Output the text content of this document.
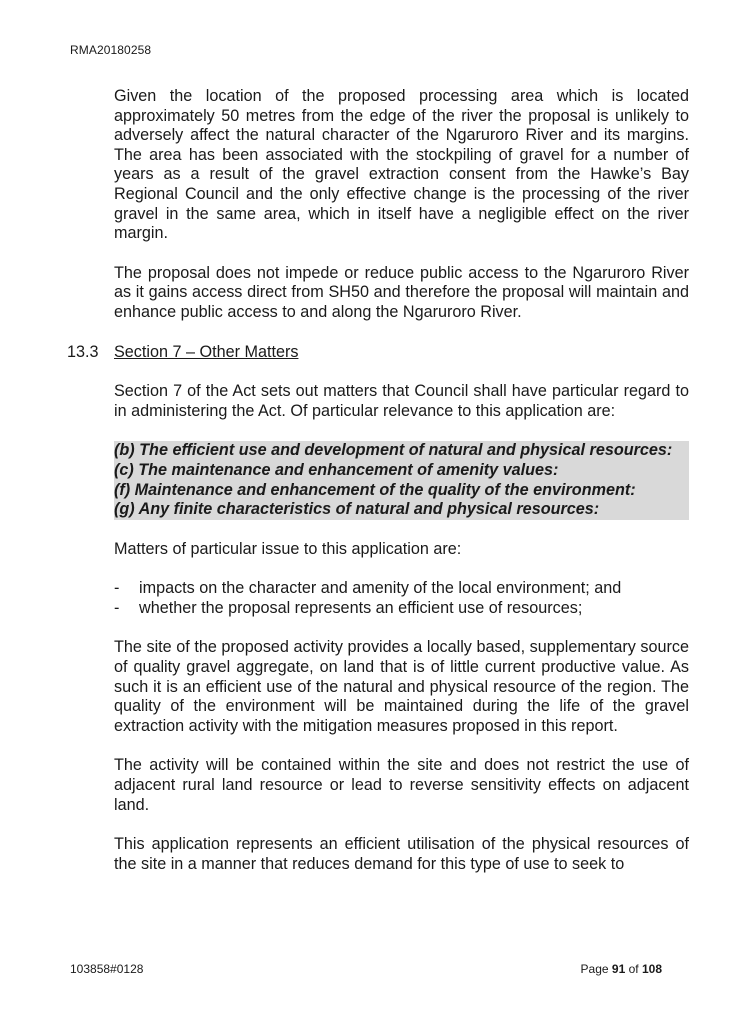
RMA20180258

Given the location of the proposed processing area which is located approximately 50 metres from the edge of the river the proposal is unlikely to adversely affect the natural character of the Ngaruroro River and its margins. The area has been associated with the stockpiling of gravel for a number of years as a result of the gravel extraction consent from the Hawke’s Bay Regional Council and the only effective change is the processing of the river gravel in the same area, which in itself have a negligible effect on the river margin.

The proposal does not impede or reduce public access to the Ngaruroro River as it gains access direct from SH50 and therefore the proposal will maintain and enhance public access to and along the Ngaruroro River.

13.3 Section 7 – Other Matters

Section 7 of the Act sets out matters that Council shall have particular regard to in administering the Act. Of particular relevance to this application are:

(b) The efficient use and development of natural and physical resources:
(c) The maintenance and enhancement of amenity values:
(f) Maintenance and enhancement of the quality of the environment:
(g) Any finite characteristics of natural and physical resources:

Matters of particular issue to this application are:

- impacts on the character and amenity of the local environment; and
- whether the proposal represents an efficient use of resources;

The site of the proposed activity provides a locally based, supplementary source of quality gravel aggregate, on land that is of little current productive value. As such it is an efficient use of the natural and physical resource of the region. The quality of the environment will be maintained during the life of the gravel extraction activity with the mitigation measures proposed in this report.

The activity will be contained within the site and does not restrict the use of adjacent rural land resource or lead to reverse sensitivity effects on adjacent land.

This application represents an efficient utilisation of the physical resources of the site in a manner that reduces demand for this type of use to seek to

103858#0128	Page 91 of 108
